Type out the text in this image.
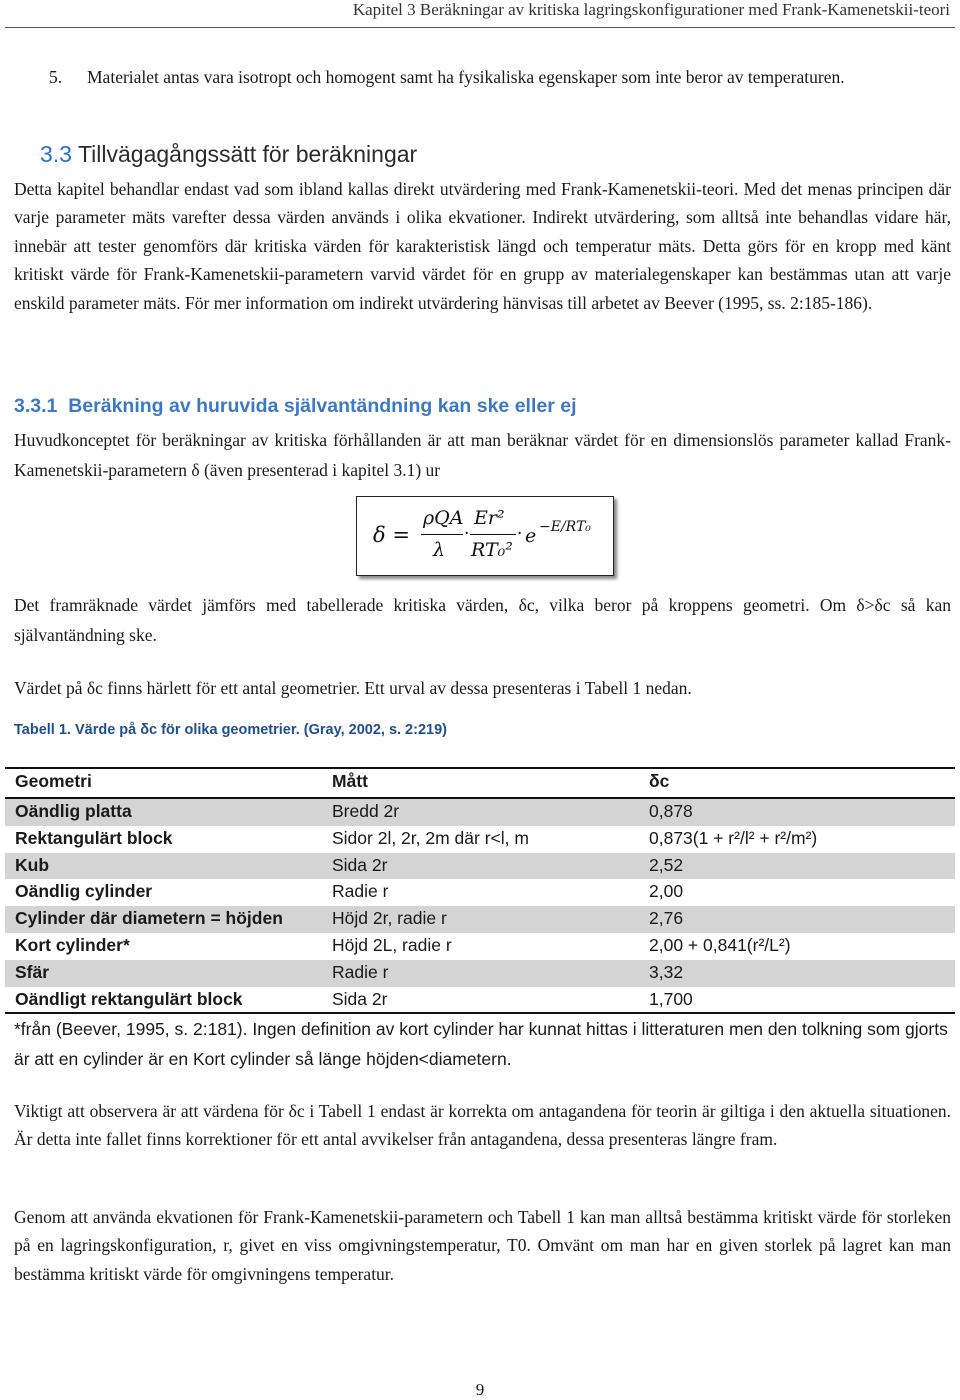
Kapitel 3 Beräkningar av kritiska lagringskonfigurationer med Frank-Kamenetskii-teori
5. Materialet antas vara isotropt och homogent samt ha fysikaliska egenskaper som inte beror av temperaturen.
3.3 Tillvägagångssätt för beräkningar
Detta kapitel behandlar endast vad som ibland kallas direkt utvärdering med Frank-Kamenetskii-teori. Med det menas principen där varje parameter mäts varefter dessa värden används i olika ekvationer. Indirekt utvärdering, som alltså inte behandlas vidare här, innebär att tester genomförs där kritiska värden för karakteristisk längd och temperatur mäts. Detta görs för en kropp med känt kritiskt värde för Frank-Kamenetskii-parametern varvid värdet för en grupp av materialegenskaper kan bestämmas utan att varje enskild parameter mäts. För mer information om indirekt utvärdering hänvisas till arbetet av Beever (1995, ss. 2:185-186).
3.3.1 Beräkning av huruvida självantändning kan ske eller ej
Huvudkonceptet för beräkningar av kritiska förhållanden är att man beräknar värdet för en dimensionslös parameter kallad Frank-Kamenetskii-parametern δ (även presenterad i kapitel 3.1) ur
δ =
ρQA
λ
·
Er²
RT₀²
· e −E/RT₀
Det framräknade värdet jämförs med tabellerade kritiska värden, δc, vilka beror på kroppens geometri. Om δ>δc så kan självantändning ske.
Värdet på δc finns härlett för ett antal geometrier. Ett urval av dessa presenteras i Tabell 1 nedan.
Tabell 1. Värde på δc för olika geometrier. (Gray, 2002, s. 2:219)
Geometri	Mått	δc
Oändlig platta	Bredd 2r	0,878
Rektangulärt block	Sidor 2l, 2r, 2m där r<l, m	0,873(1 + r²/l² + r²/m²)
Kub	Sida 2r	2,52
Oändlig cylinder	Radie r	2,00
Cylinder där diametern = höjden	Höjd 2r, radie r	2,76
Kort cylinder*	Höjd 2L, radie r	2,00 + 0,841(r²/L²)
Sfär	Radie r	3,32
Oändligt rektangulärt block	Sida 2r	1,700
*från (Beever, 1995, s. 2:181). Ingen definition av kort cylinder har kunnat hittas i litteraturen men den tolkning som gjorts är att en cylinder är en Kort cylinder så länge höjden<diametern.
Viktigt att observera är att värdena för δc i Tabell 1 endast är korrekta om antagandena för teorin är giltiga i den aktuella situationen. Är detta inte fallet finns korrektioner för ett antal avvikelser från antagandena, dessa presenteras längre fram.
Genom att använda ekvationen för Frank-Kamenetskii-parametern och Tabell 1 kan man alltså bestämma kritiskt värde för storleken på en lagringskonfiguration, r, givet en viss omgivningstemperatur, T0. Omvänt om man har en given storlek på lagret kan man bestämma kritiskt värde för omgivningens temperatur.
9
